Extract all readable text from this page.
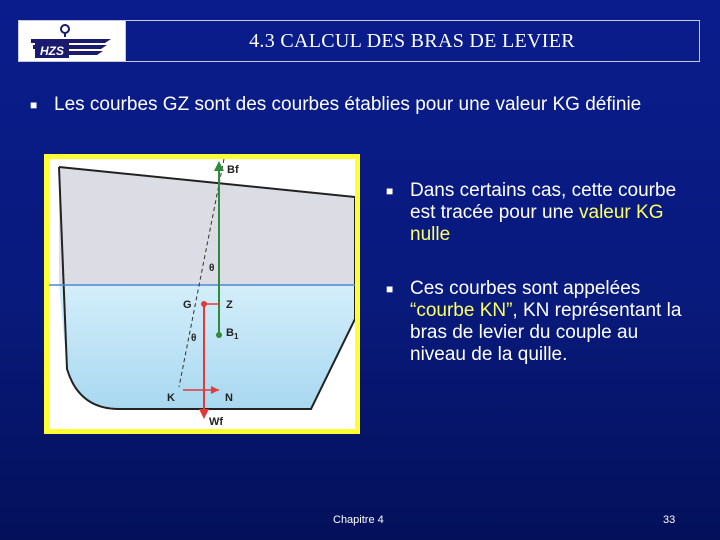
HZS	4.3 CALCUL DES BRAS DE LEVIER
■ Les courbes GZ sont des courbes établies pour une valeur KG définie
Bf
θ
G	Z
$B_1$
θ
K	N
Wf
■ Dans certains cas, cette courbe est tracée pour une valeur KG nulle
■ Ces courbes sont appelées “courbe KN”, KN représentant la bras de levier du couple au niveau de la quille.
Chapitre 4	33
